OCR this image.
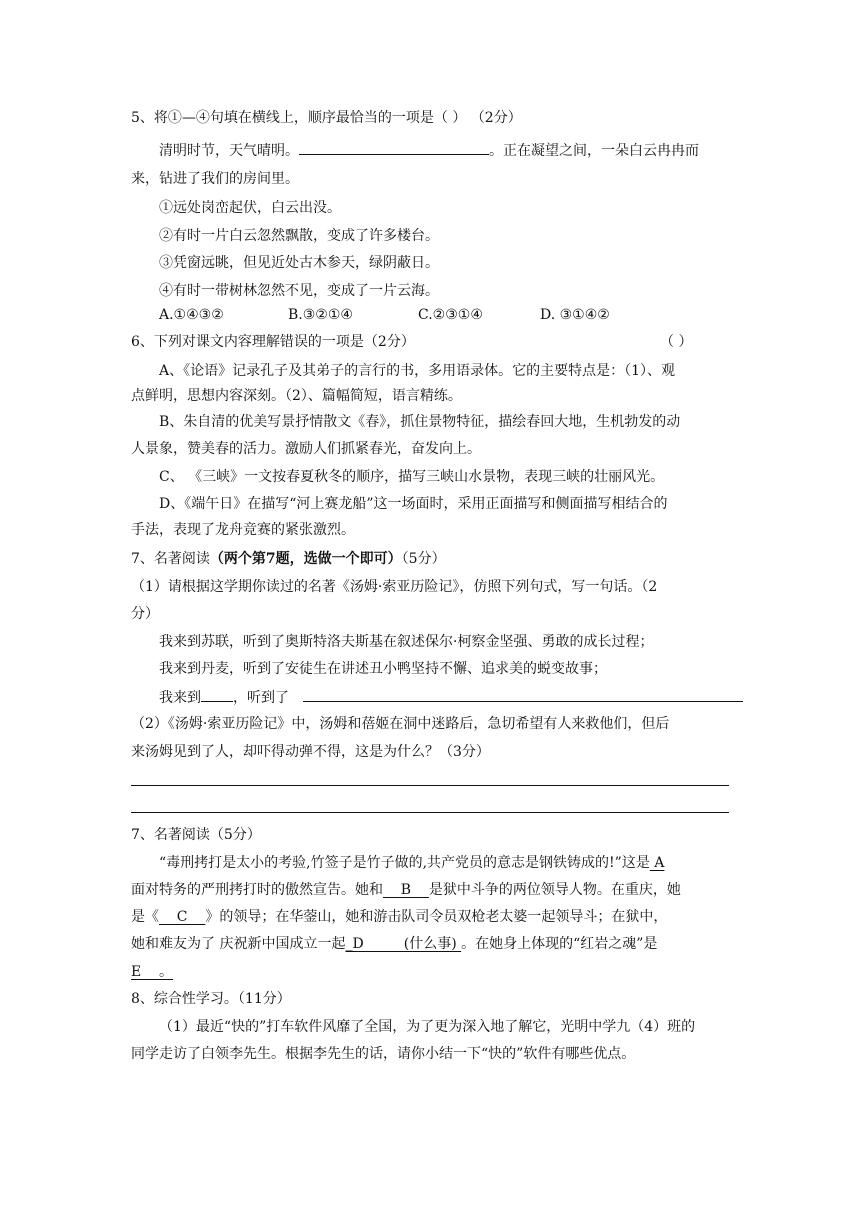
5、将①—④句填在横线上，顺序最恰当的一项是（ ） （2分）
清明时节，天气晴明。	。正在凝望之间，一朵白云冉冉而
来，钻进了我们的房间里。
①远处岗峦起伏，白云出没。
②有时一片白云忽然飘散，变成了许多楼台。
③凭窗远眺，但见近处古木参天，绿阴蔽日。
④有时一带树林忽然不见，变成了一片云海。
A.①④③②	B.③②①④	C.②③①④	D. ③①④②
6、下列对课文内容理解错误的一项是（2分）	（ ）
A、《论语》记录孔子及其弟子的言行的书，多用语录体。它的主要特点是：（1）、观
点鲜明，思想内容深刻。（2）、篇幅简短，语言精练。
B、朱自清的优美写景抒情散文《春》，抓住景物特征，描绘春回大地，生机勃发的动
人景象，赞美春的活力。激励人们抓紧春光，奋发向上。
C、 《三峡》一文按春夏秋冬的顺序，描写三峡山水景物，表现三峡的壮丽风光。
D、《端午日》在描写“河上赛龙船”这一场面时，采用正面描写和侧面描写相结合的
手法，表现了龙舟竞赛的紧张激烈。
7、名著阅读（两个第7题，选做一个即可）（5分）
（1）请根据这学期你读过的名著《汤姆·索亚历险记》，仿照下列句式，写一句话。（2
分）
我来到苏联，听到了奥斯特洛夫斯基在叙述保尔·柯察金坚强、勇敢的成长过程；
我来到丹麦，听到了安徒生在讲述丑小鸭坚持不懈、追求美的蜕变故事；
我来到 ，听到了
（2）《汤姆·索亚历险记》中，汤姆和蓓姬在洞中迷路后，急切希望有人来救他们，但后
来汤姆见到了人，却吓得动弹不得，这是为什么？（3分）
7、名著阅读（5分）
“毒刑拷打是太小的考验,竹签子是竹子做的,共产党员的意志是钢铁铸成的!”这是 A
面对特务的严刑拷打时的傲然宣告。她和    B    是狱中斗争的两位领导人物。在重庆，她
是《    C    》的领导；在华蓥山，她和游击队司令员双枪老太婆一起领导斗；在狱中，
她和难友为了 庆祝新中国成立一起_D         (什么事) 。在她身上体现的“红岩之魂”是
E    。
8、综合性学习。（11分）
（1）最近“快的”打车软件风靡了全国，为了更为深入地了解它，光明中学九（4）班的
同学走访了白领李先生。根据李先生的话，请你小结一下“快的”软件有哪些优点。
